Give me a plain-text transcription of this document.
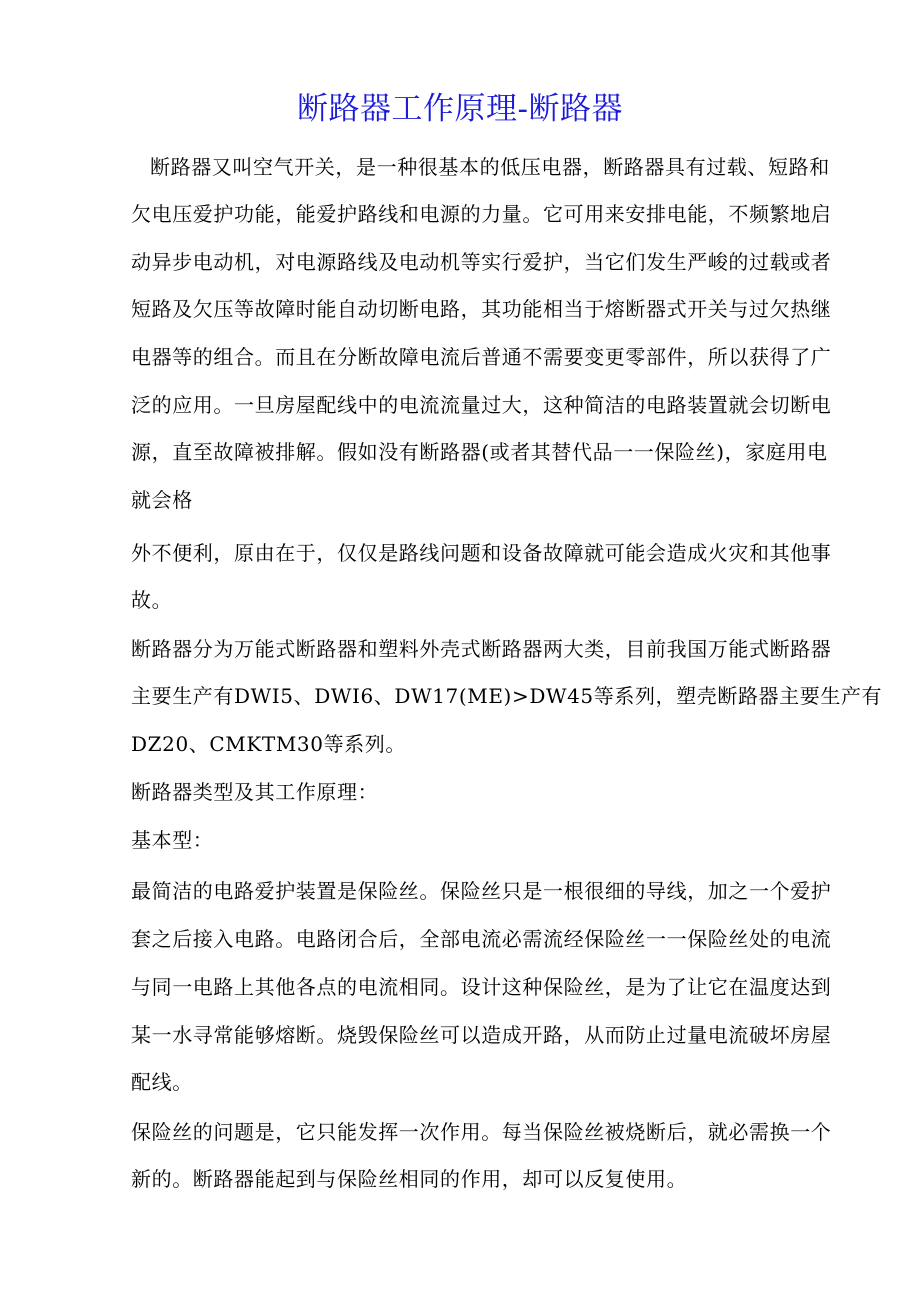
断路器工作原理-断路器

断路器又叫空气开关，是一种很基本的低压电器，断路器具有过载、短路和

欠电压爱护功能，能爱护路线和电源的力量。它可用来安排电能，不频繁地启

动异步电动机，对电源路线及电动机等实行爱护，当它们发生严峻的过载或者

短路及欠压等故障时能自动切断电路，其功能相当于熔断器式开关与过欠热继

电器等的组合。而且在分断故障电流后普通不需要变更零部件，所以获得了广

泛的应用。一旦房屋配线中的电流流量过大，这种简洁的电路装置就会切断电

源，直至故障被排解。假如没有断路器(或者其替代品一一保险丝)，家庭用电

就会格

外不便利，原由在于，仅仅是路线问题和设备故障就可能会造成火灾和其他事

故。

断路器分为万能式断路器和塑料外壳式断路器两大类，目前我国万能式断路器

主要生产有DWI5、DWI6、DW17(ME)>DW45等系列，塑壳断路器主要生产有

DZ20、CMKTM30等系列。

断路器类型及其工作原理：

基本型：

最简洁的电路爱护装置是保险丝。保险丝只是一根很细的导线，加之一个爱护

套之后接入电路。电路闭合后，全部电流必需流经保险丝一一保险丝处的电流

与同一电路上其他各点的电流相同。设计这种保险丝，是为了让它在温度达到

某一水寻常能够熔断。烧毁保险丝可以造成开路，从而防止过量电流破坏房屋

配线。

保险丝的问题是，它只能发挥一次作用。每当保险丝被烧断后，就必需换一个

新的。断路器能起到与保险丝相同的作用，却可以反复使用。
